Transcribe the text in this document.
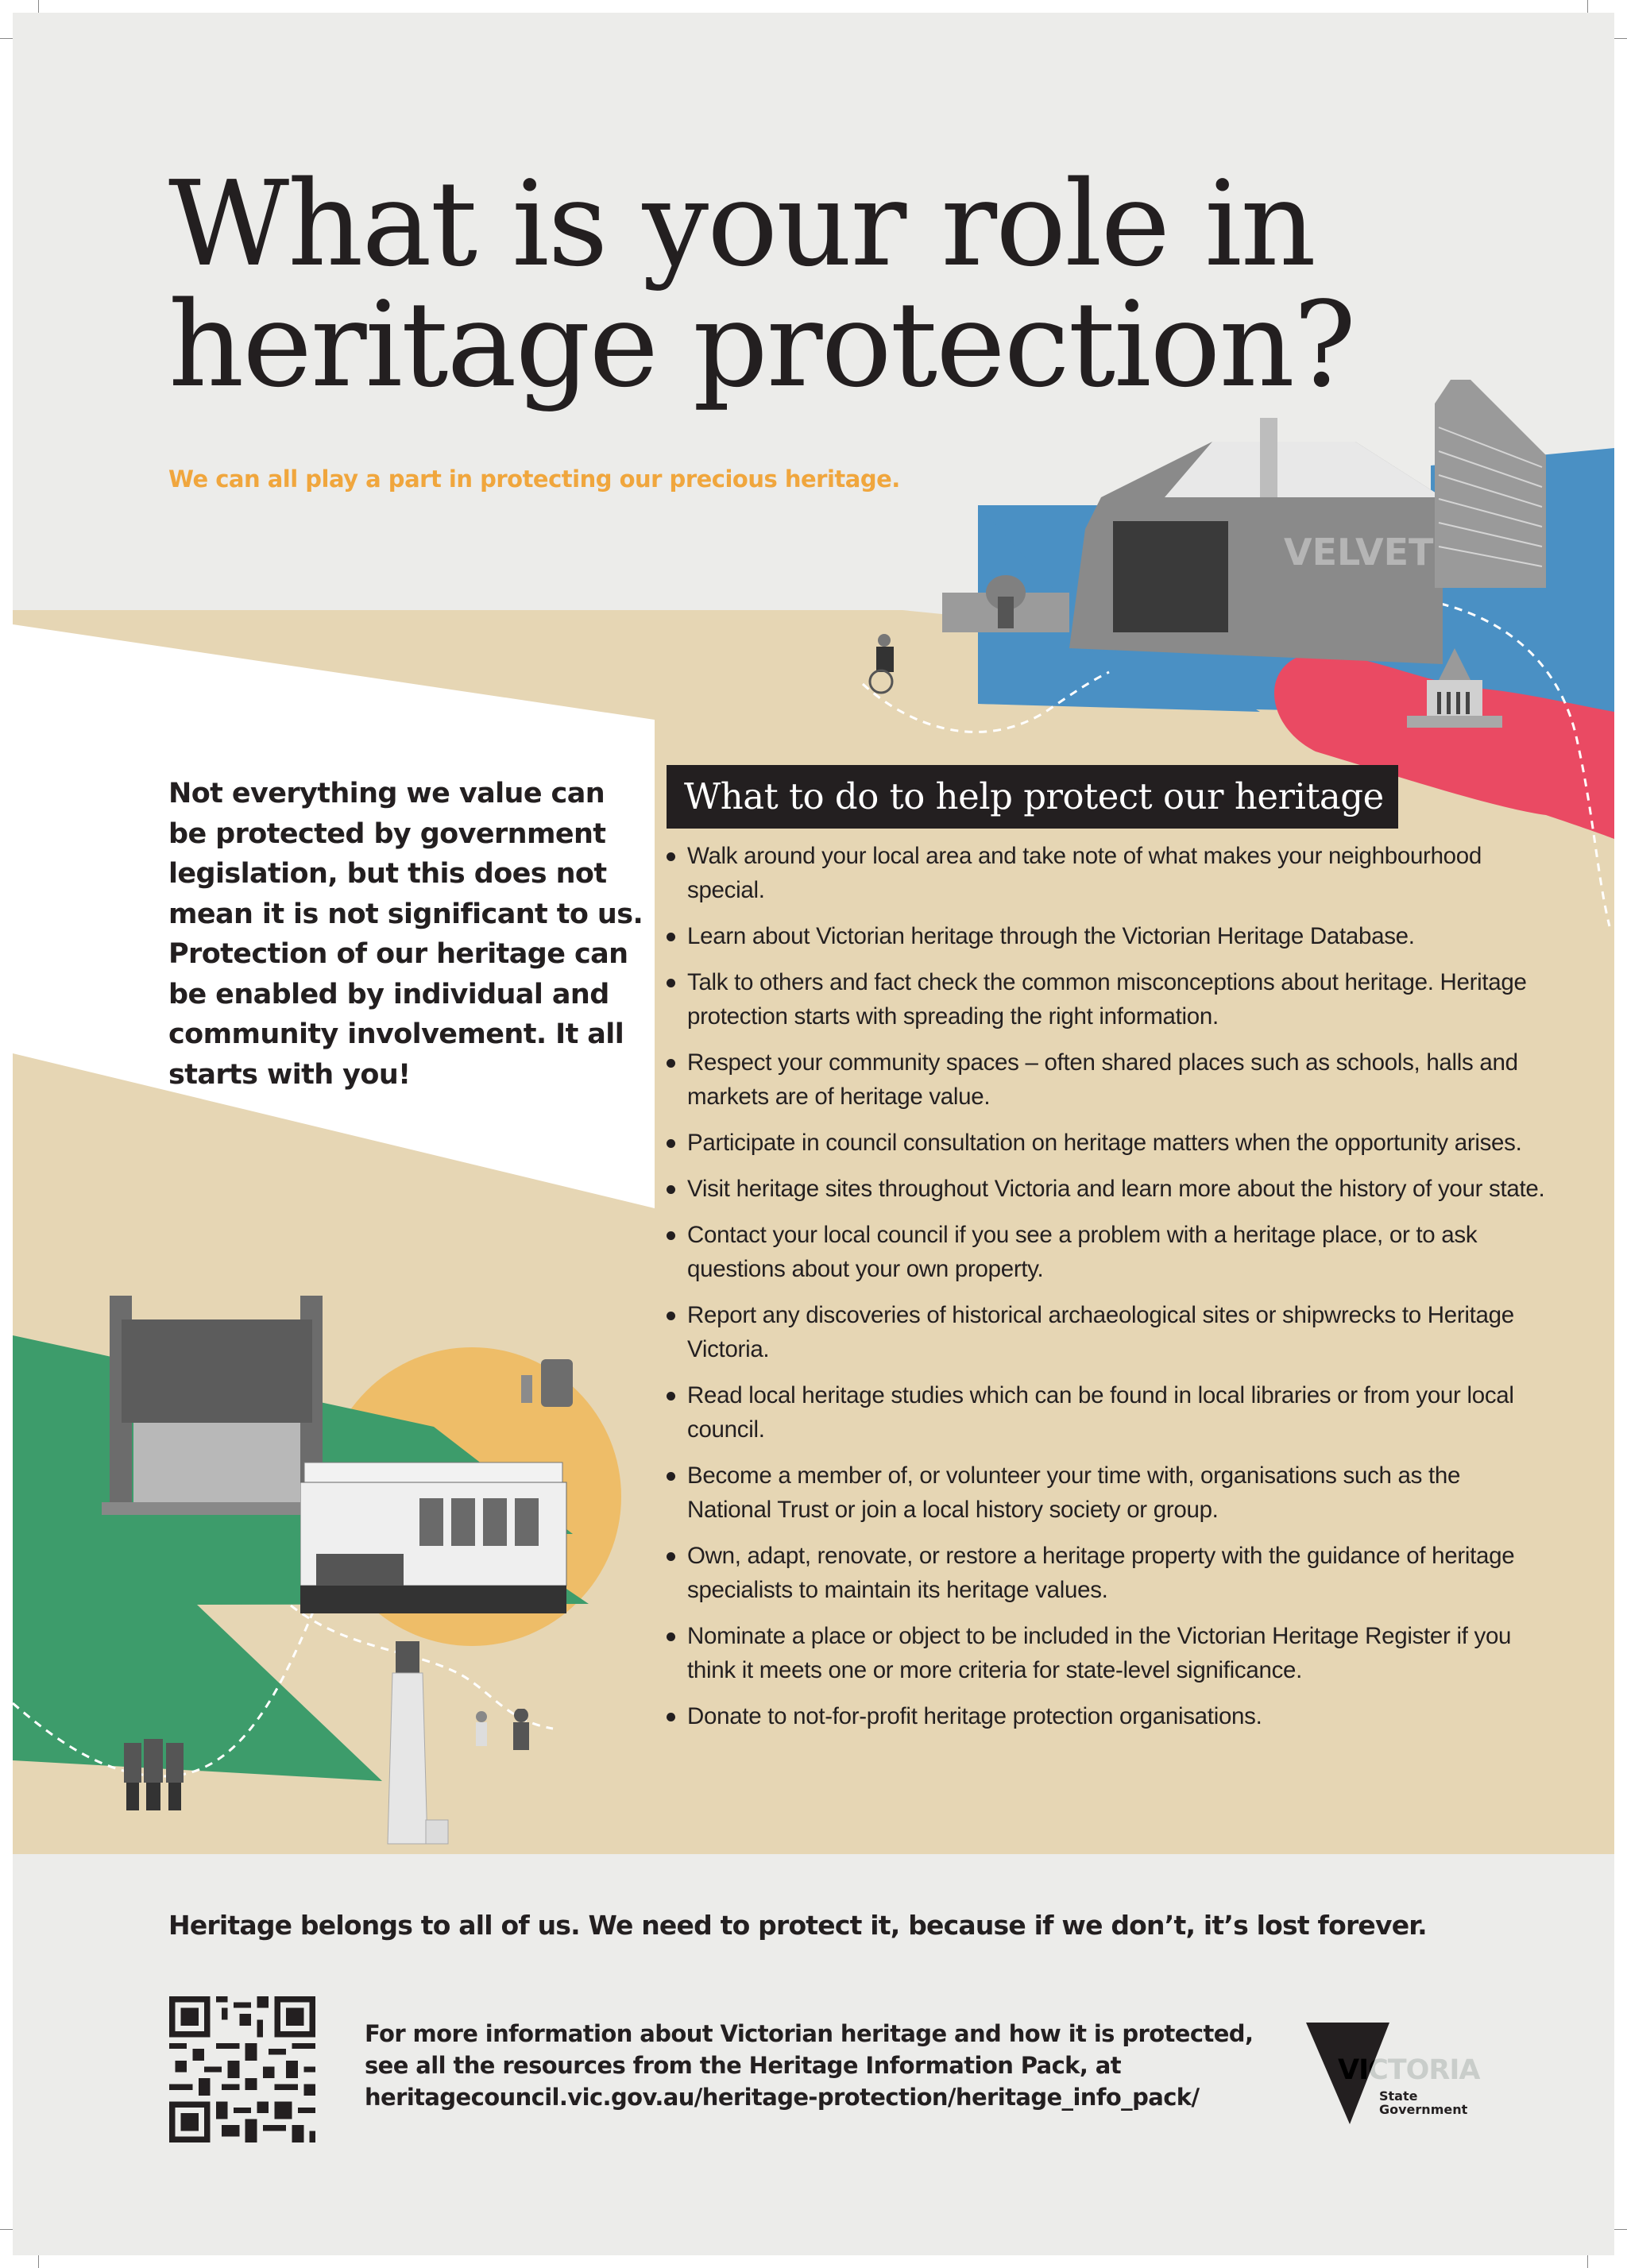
VELVET
What is your role in
heritage protection?

We can all play a part in protecting our precious heritage.

Not everything we value can be protected by government legislation, but this does not mean it is not significant to us. Protection of our heritage can be enabled by individual and community involvement. It all starts with you!

What to do to help protect our heritage
Walk around your local area and take note of what makes your neighbourhood special.
Learn about Victorian heritage through the Victorian Heritage Database.
Talk to others and fact check the common misconceptions about heritage. Heritage protection starts with spreading the right information.
Respect your community spaces – often shared places such as schools, halls and markets are of heritage value.
Participate in council consultation on heritage matters when the opportunity arises.
Visit heritage sites throughout Victoria and learn more about the history of your state.
Contact your local council if you see a problem with a heritage place, or to ask questions about your own property.
Report any discoveries of historical archaeological sites or shipwrecks to Heritage Victoria.
Read local heritage studies which can be found in local libraries or from your local council.
Become a member of, or volunteer your time with, organisations such as the National Trust or join a local history society or group.
Own, adapt, renovate, or restore a heritage property with the guidance of heritage specialists to maintain its heritage values.
Nominate a place or object to be included in the Victorian Heritage Register if you think it meets one or more criteria for state-level significance.
Donate to not-for-profit heritage protection organisations.

Heritage belongs to all of us. We need to protect it, because if we don’t, it’s lost forever.

For more information about Victorian heritage and how it is protected,
see all the resources from the Heritage Information Pack, at
heritagecouncil.vic.gov.au/heritage-protection/heritage_info_pack/

VICTORIA
State
Government
